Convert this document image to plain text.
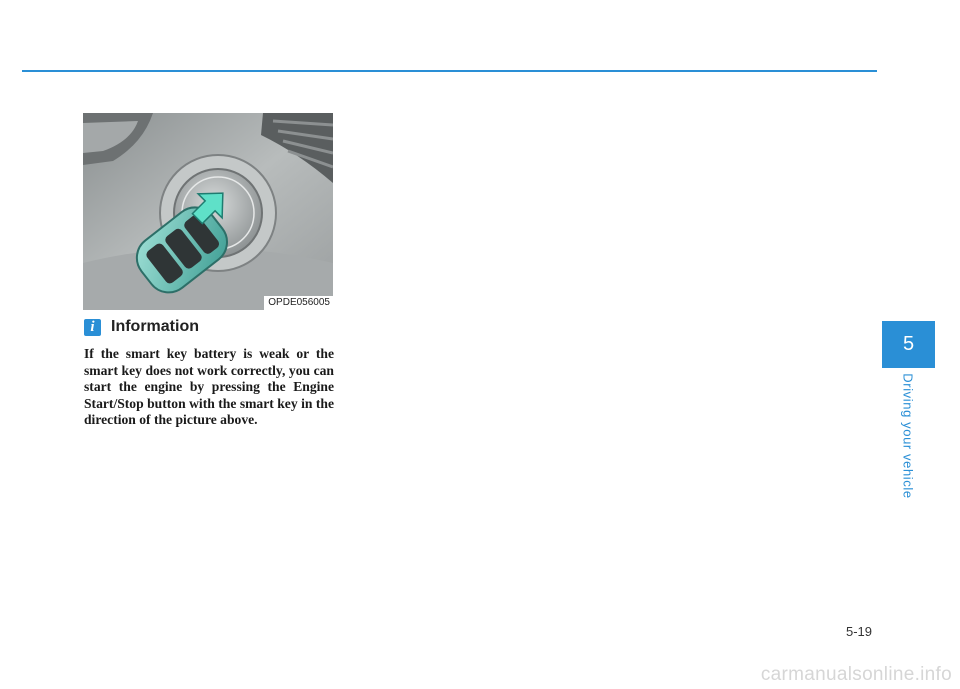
OPDE056005
i	Information

If the smart key battery is weak or the smart key does not work correctly, you can start the engine by pressing the Engine Start/Stop button with the smart key in the direction of the picture above.

5
Driving your vehicle
5-19
carmanualsonline.info
